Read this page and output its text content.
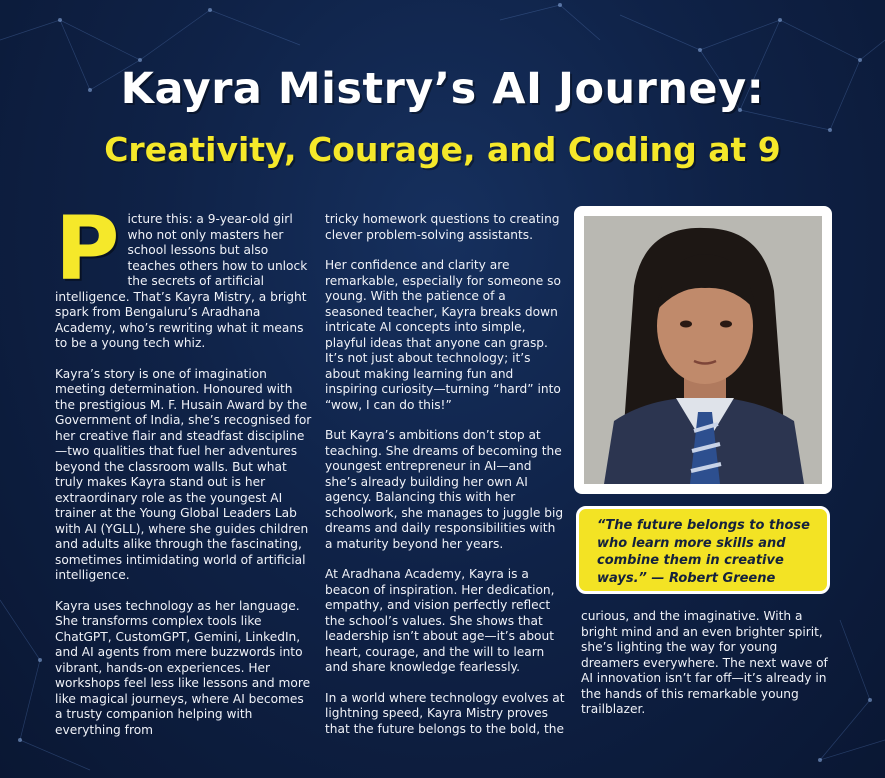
Kayra Mistry’s AI Journey:
Creativity, Courage, and Coding at 9

Picture this: a 9-year-old girl who not only masters her school lessons but also teaches others how to unlock the secrets of artificial intelligence. That’s Kayra Mistry, a bright spark from Bengaluru’s Aradhana Academy, who’s rewriting what it means to be a young tech whiz.

Kayra’s story is one of imagination meeting determination. Honoured with the prestigious M. F. Husain Award by the Government of India, she’s recognised for her creative flair and steadfast discipline—two qualities that fuel her adventures beyond the classroom walls. But what truly makes Kayra stand out is her extraordinary role as the youngest AI trainer at the Young Global Leaders Lab with AI (YGLL), where she guides children and adults alike through the fascinating, sometimes intimidating world of artificial intelligence.

Kayra uses technology as her language. She transforms complex tools like ChatGPT, CustomGPT, Gemini, LinkedIn, and AI agents from mere buzzwords into vibrant, hands-on experiences. Her workshops feel less like lessons and more like magical journeys, where AI becomes a trusty companion helping with everything from

tricky homework questions to creating clever problem-solving assistants.

Her confidence and clarity are remarkable, especially for someone so young. With the patience of a seasoned teacher, Kayra breaks down intricate AI concepts into simple, playful ideas that anyone can grasp. It’s not just about technology; it’s about making learning fun and inspiring curiosity—turning “hard” into “wow, I can do this!”

But Kayra’s ambitions don’t stop at teaching. She dreams of becoming the youngest entrepreneur in AI—and she’s already building her own AI agency. Balancing this with her schoolwork, she manages to juggle big dreams and daily responsibilities with a maturity beyond her years.

At Aradhana Academy, Kayra is a beacon of inspiration. Her dedication, empathy, and vision perfectly reflect the school’s values. She shows that leadership isn’t about age—it’s about heart, courage, and the will to learn and share knowledge fearlessly.

In a world where technology evolves at lightning speed, Kayra Mistry proves that the future belongs to the bold, the

“The future belongs to those who learn more skills and combine them in creative ways.” — Robert Greene

curious, and the imaginative. With a bright mind and an even brighter spirit, she’s lighting the way for young dreamers everywhere. The next wave of AI innovation isn’t far off—it’s already in the hands of this remarkable young trailblazer.
